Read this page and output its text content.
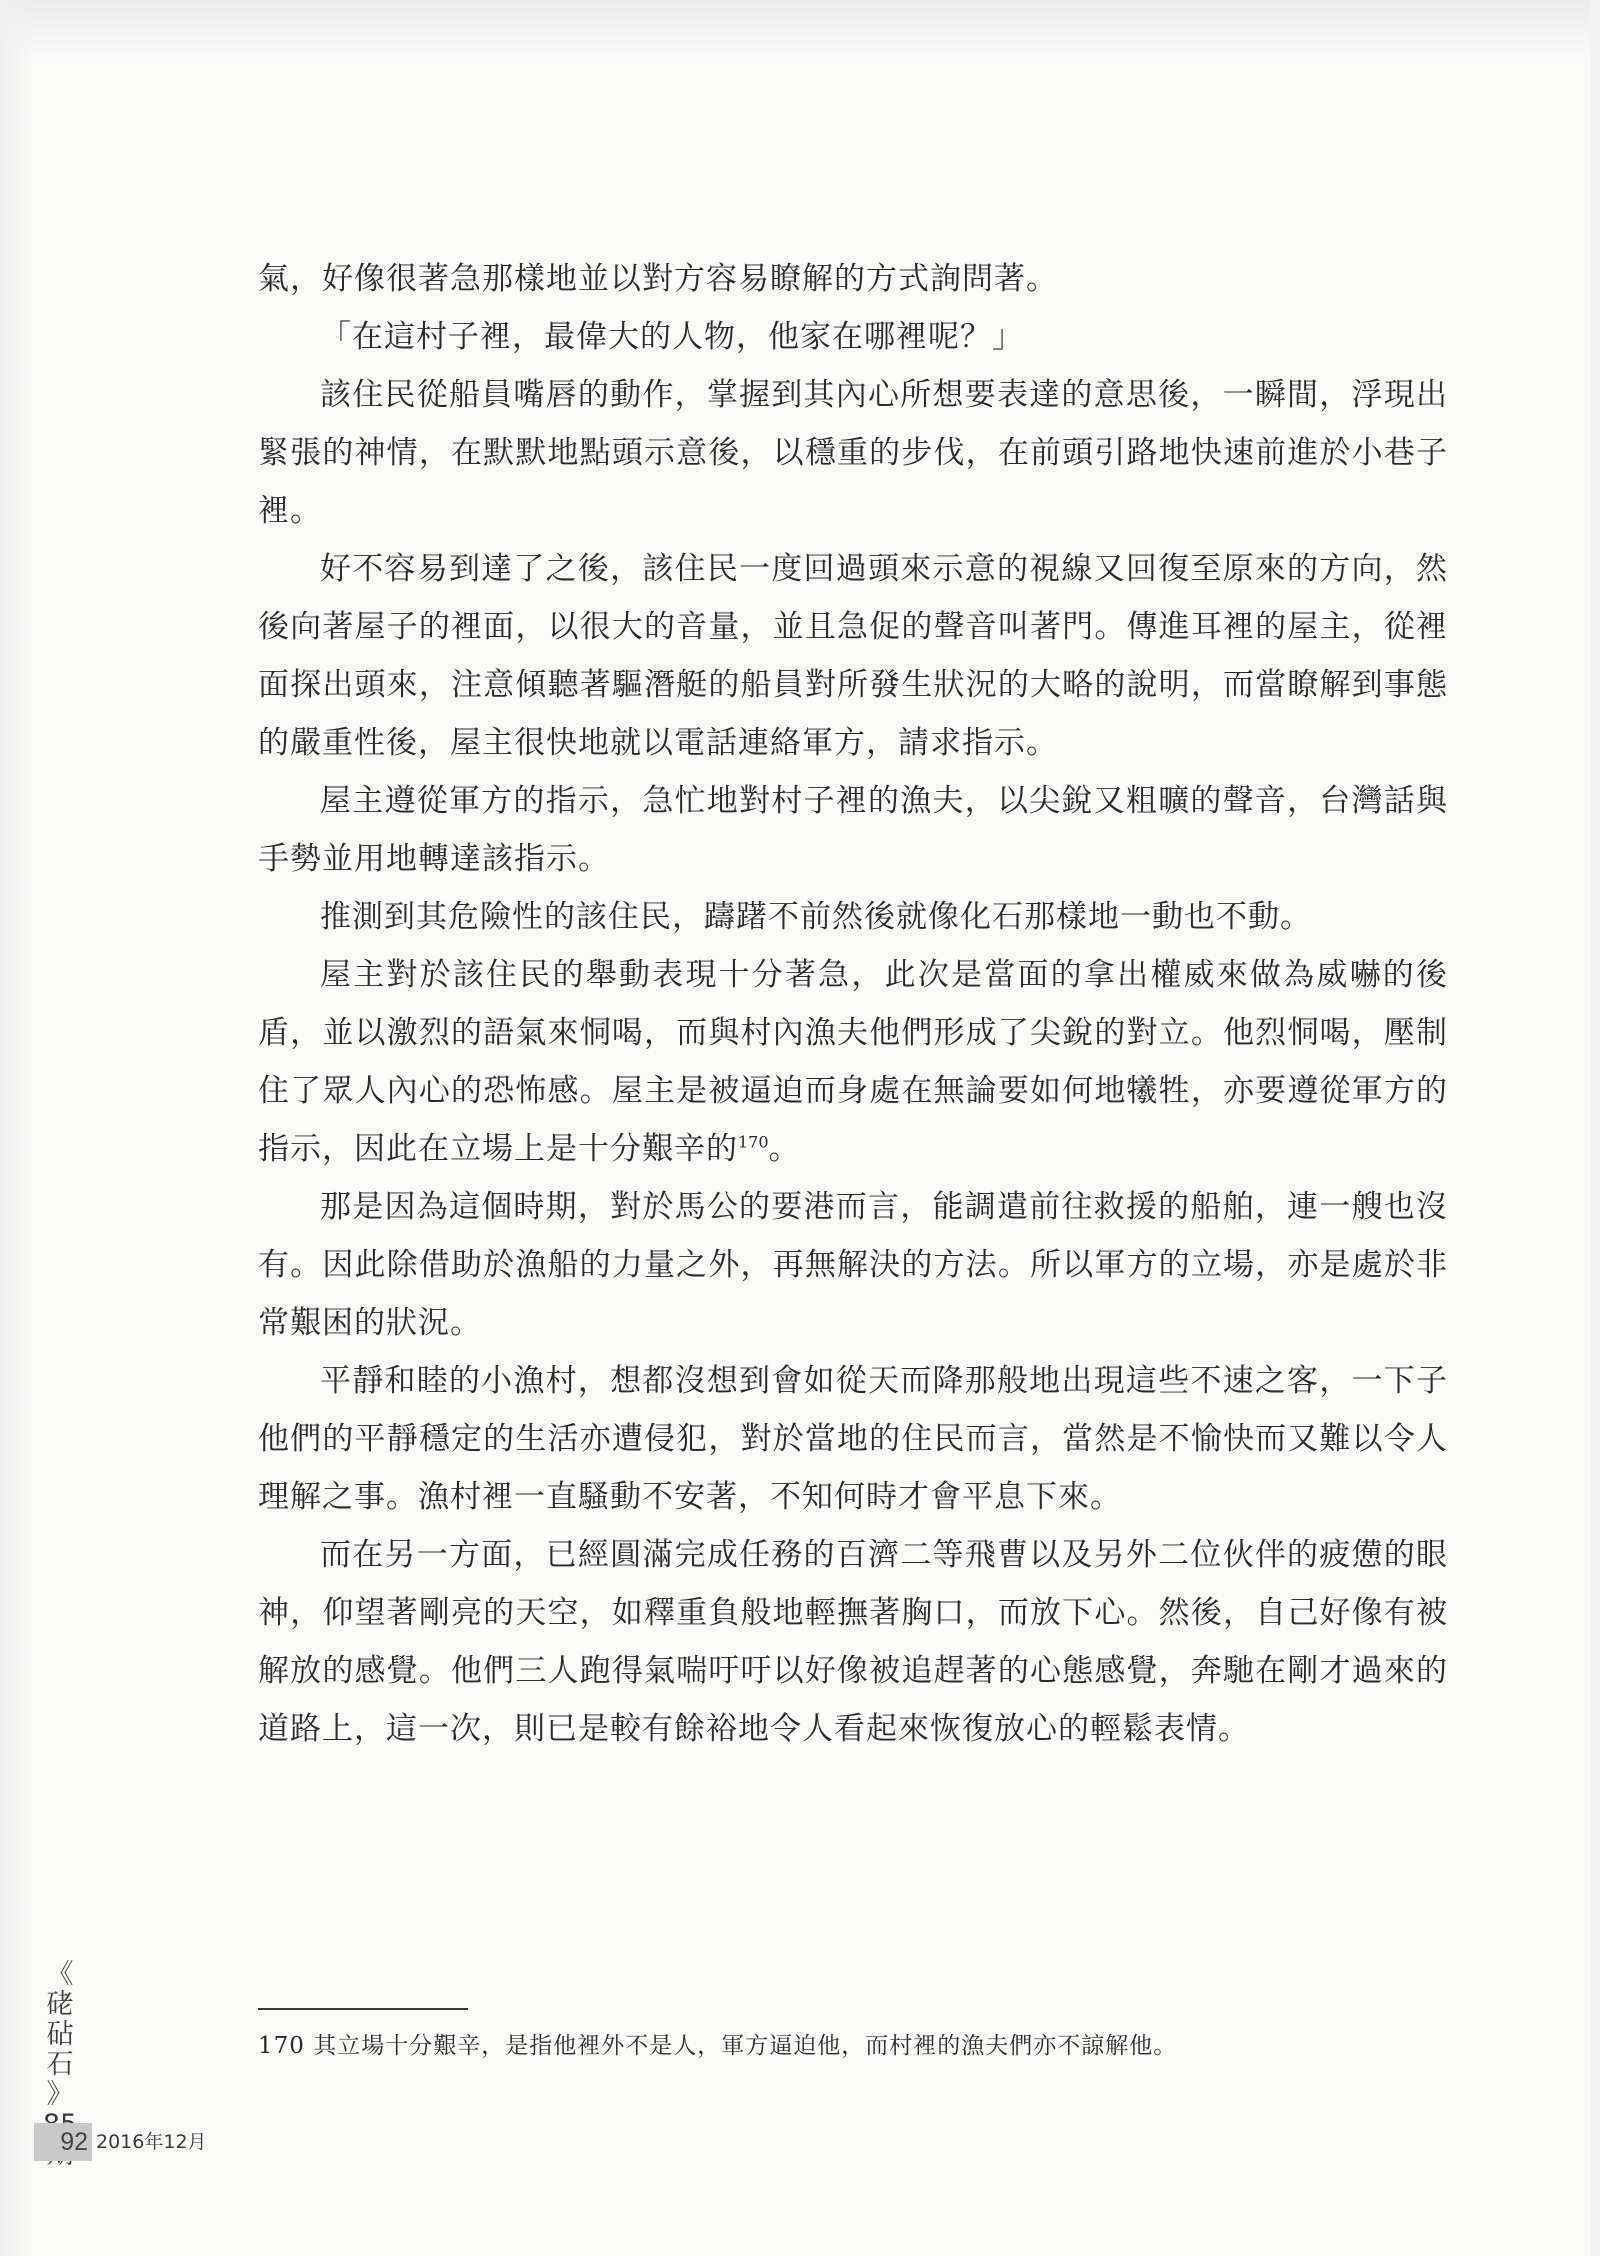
氣，好像很著急那樣地並以對方容易瞭解的方式詢問著。

「在這村子裡，最偉大的人物，他家在哪裡呢？」

該住民從船員嘴唇的動作，掌握到其內心所想要表達的意思後，一瞬間，浮現出緊張的神情，在默默地點頭示意後，以穩重的步伐，在前頭引路地快速前進於小巷子裡。

好不容易到達了之後，該住民一度回過頭來示意的視線又回復至原來的方向，然後向著屋子的裡面，以很大的音量，並且急促的聲音叫著門。傳進耳裡的屋主，從裡面探出頭來，注意傾聽著驅潛艇的船員對所發生狀況的大略的說明，而當瞭解到事態的嚴重性後，屋主很快地就以電話連絡軍方，請求指示。

屋主遵從軍方的指示，急忙地對村子裡的漁夫，以尖銳又粗曠的聲音，台灣話與手勢並用地轉達該指示。

推測到其危險性的該住民，躊躇不前然後就像化石那樣地一動也不動。

屋主對於該住民的舉動表現十分著急，此次是當面的拿出權威來做為威嚇的後盾，並以激烈的語氣來恫喝，而與村內漁夫他們形成了尖銳的對立。他烈恫喝，壓制住了眾人內心的恐怖感。屋主是被逼迫而身處在無論要如何地犧牲，亦要遵從軍方的指示，因此在立場上是十分艱辛的$^{170}$。

那是因為這個時期，對於馬公的要港而言，能調遣前往救援的船舶，連一艘也沒有。因此除借助於漁船的力量之外，再無解決的方法。所以軍方的立場，亦是處於非常艱困的狀況。

平靜和睦的小漁村，想都沒想到會如從天而降那般地出現這些不速之客，一下子他們的平靜穩定的生活亦遭侵犯，對於當地的住民而言，當然是不愉快而又難以令人理解之事。漁村裡一直騷動不安著，不知何時才會平息下來。

而在另一方面，已經圓滿完成任務的百濟二等飛曹以及另外二位伙伴的疲憊的眼神，仰望著剛亮的天空，如釋重負般地輕撫著胸口，而放下心。然後，自己好像有被解放的感覺。他們三人跑得氣喘吁吁以好像被追趕著的心態感覺，奔馳在剛才過來的道路上，這一次，則已是較有餘裕地令人看起來恢復放心的輕鬆表情。

170 其立場十分艱辛，是指他裡外不是人，軍方逼迫他，而村裡的漁夫們亦不諒解他。

《
硓
砧
石
》
92 2016年12月
